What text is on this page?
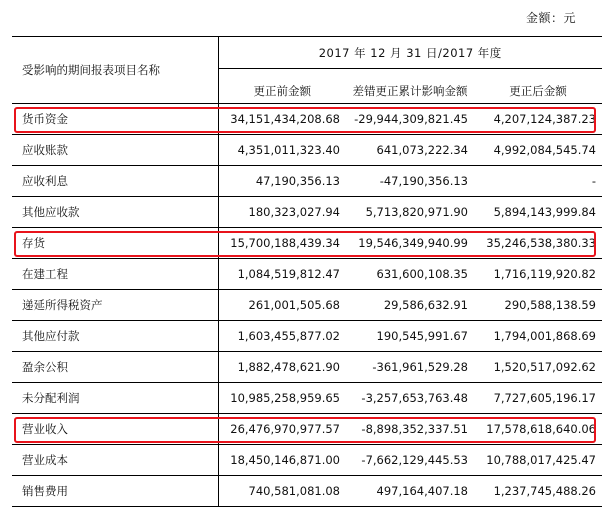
金额：元
受影响的期间报表项目名称	2017 年 12 月 31 日/2017 年度		
	更正前金额	差错更正累计影响金额	更正后金额
货币资金	34,151,434,208.68	-29,944,309,821.45	4,207,124,387.23
应收账款	4,351,011,323.40	641,073,222.34	4,992,084,545.74
应收利息	47,190,356.13	-47,190,356.13	-
其他应收款	180,323,027.94	5,713,820,971.90	5,894,143,999.84
存货	15,700,188,439.34	19,546,349,940.99	35,246,538,380.33
在建工程	1,084,519,812.47	631,600,108.35	1,716,119,920.82
递延所得税资产	261,001,505.68	29,586,632.91	290,588,138.59
其他应付款	1,603,455,877.02	190,545,991.67	1,794,001,868.69
盈余公积	1,882,478,621.90	-361,961,529.28	1,520,517,092.62
未分配利润	10,985,258,959.65	-3,257,653,763.48	7,727,605,196.17
营业收入	26,476,970,977.57	-8,898,352,337.51	17,578,618,640.06
营业成本	18,450,146,871.00	-7,662,129,445.53	10,788,017,425.47
销售费用	740,581,081.08	497,164,407.18	1,237,745,488.26
